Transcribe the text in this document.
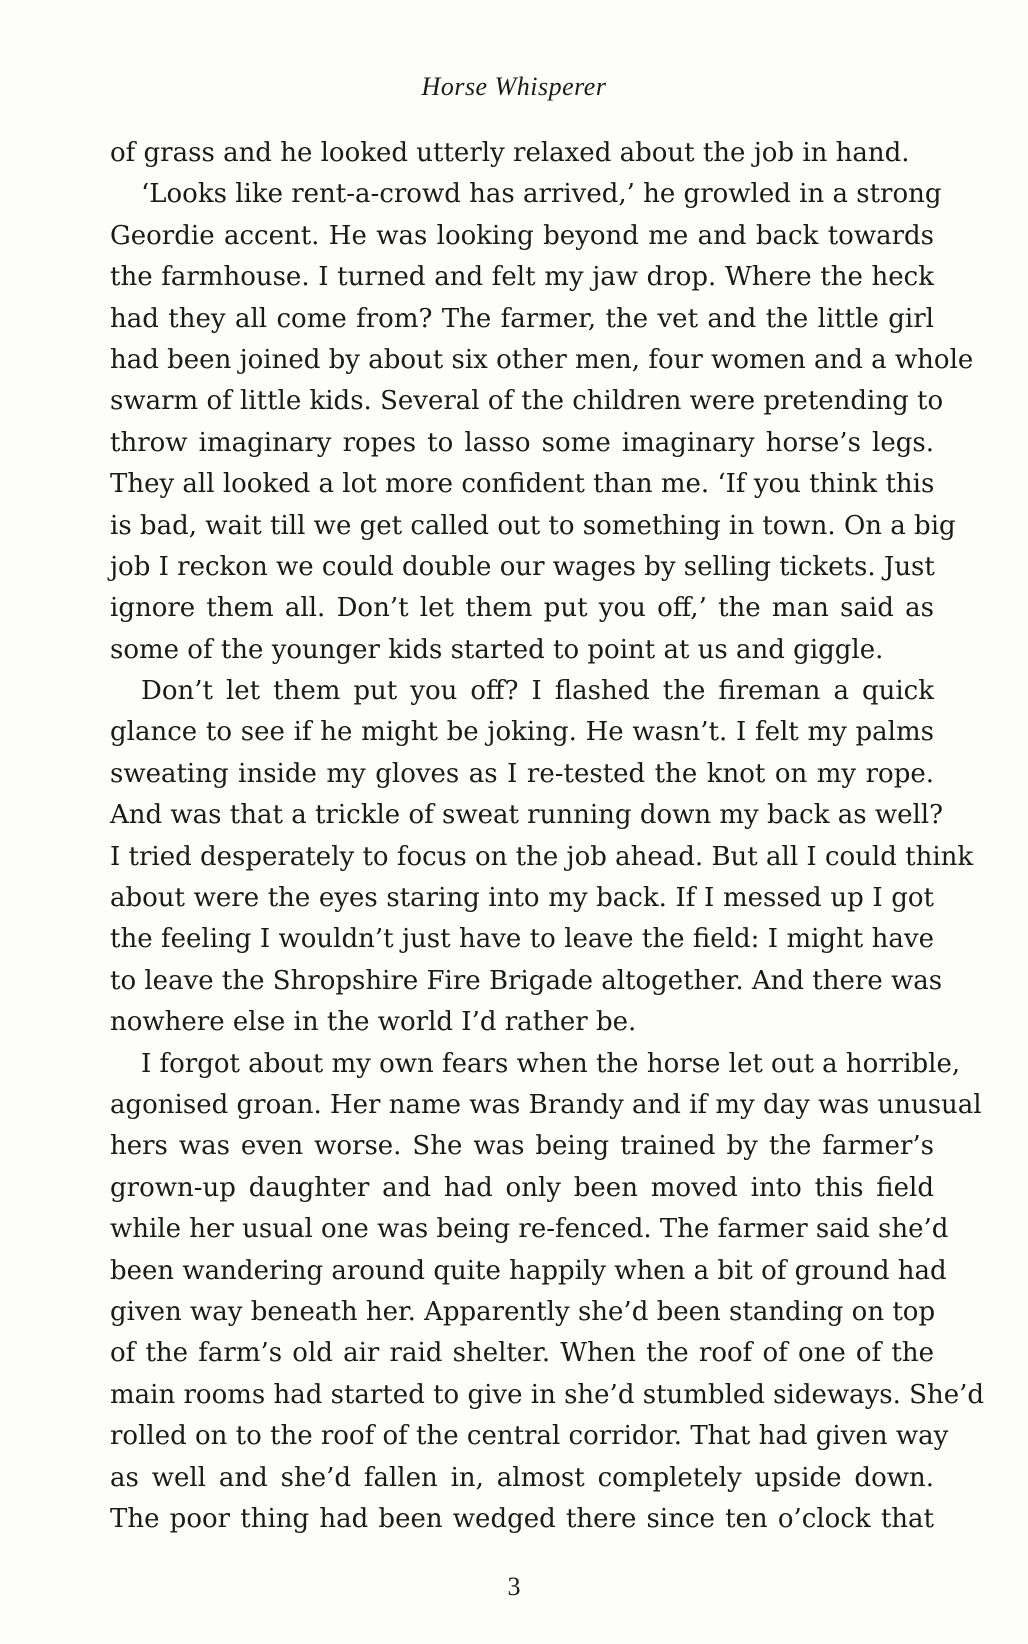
Horse Whisperer
of grass and he looked utterly relaxed about the job in hand.
‘Looks like rent-a-crowd has arrived,’ he growled in a strong
Geordie accent. He was looking beyond me and back towards
the farmhouse. I turned and felt my jaw drop. Where the heck
had they all come from? The farmer, the vet and the little girl
had been joined by about six other men, four women and a whole
swarm of little kids. Several of the children were pretending to
throw imaginary ropes to lasso some imaginary horse’s legs.
They all looked a lot more confident than me. ‘If you think this
is bad, wait till we get called out to something in town. On a big
job I reckon we could double our wages by selling tickets. Just
ignore them all. Don’t let them put you off,’ the man said as
some of the younger kids started to point at us and giggle.
Don’t let them put you off? I flashed the fireman a quick
glance to see if he might be joking. He wasn’t. I felt my palms
sweating inside my gloves as I re-tested the knot on my rope.
And was that a trickle of sweat running down my back as well?
I tried desperately to focus on the job ahead. But all I could think
about were the eyes staring into my back. If I messed up I got
the feeling I wouldn’t just have to leave the field: I might have
to leave the Shropshire Fire Brigade altogether. And there was
nowhere else in the world I’d rather be.
I forgot about my own fears when the horse let out a horrible,
agonised groan. Her name was Brandy and if my day was unusual
hers was even worse. She was being trained by the farmer’s
grown-up daughter and had only been moved into this field
while her usual one was being re-fenced. The farmer said she’d
been wandering around quite happily when a bit of ground had
given way beneath her. Apparently she’d been standing on top
of the farm’s old air raid shelter. When the roof of one of the
main rooms had started to give in she’d stumbled sideways. She’d
rolled on to the roof of the central corridor. That had given way
as well and she’d fallen in, almost completely upside down.
The poor thing had been wedged there since ten o’clock that
3
